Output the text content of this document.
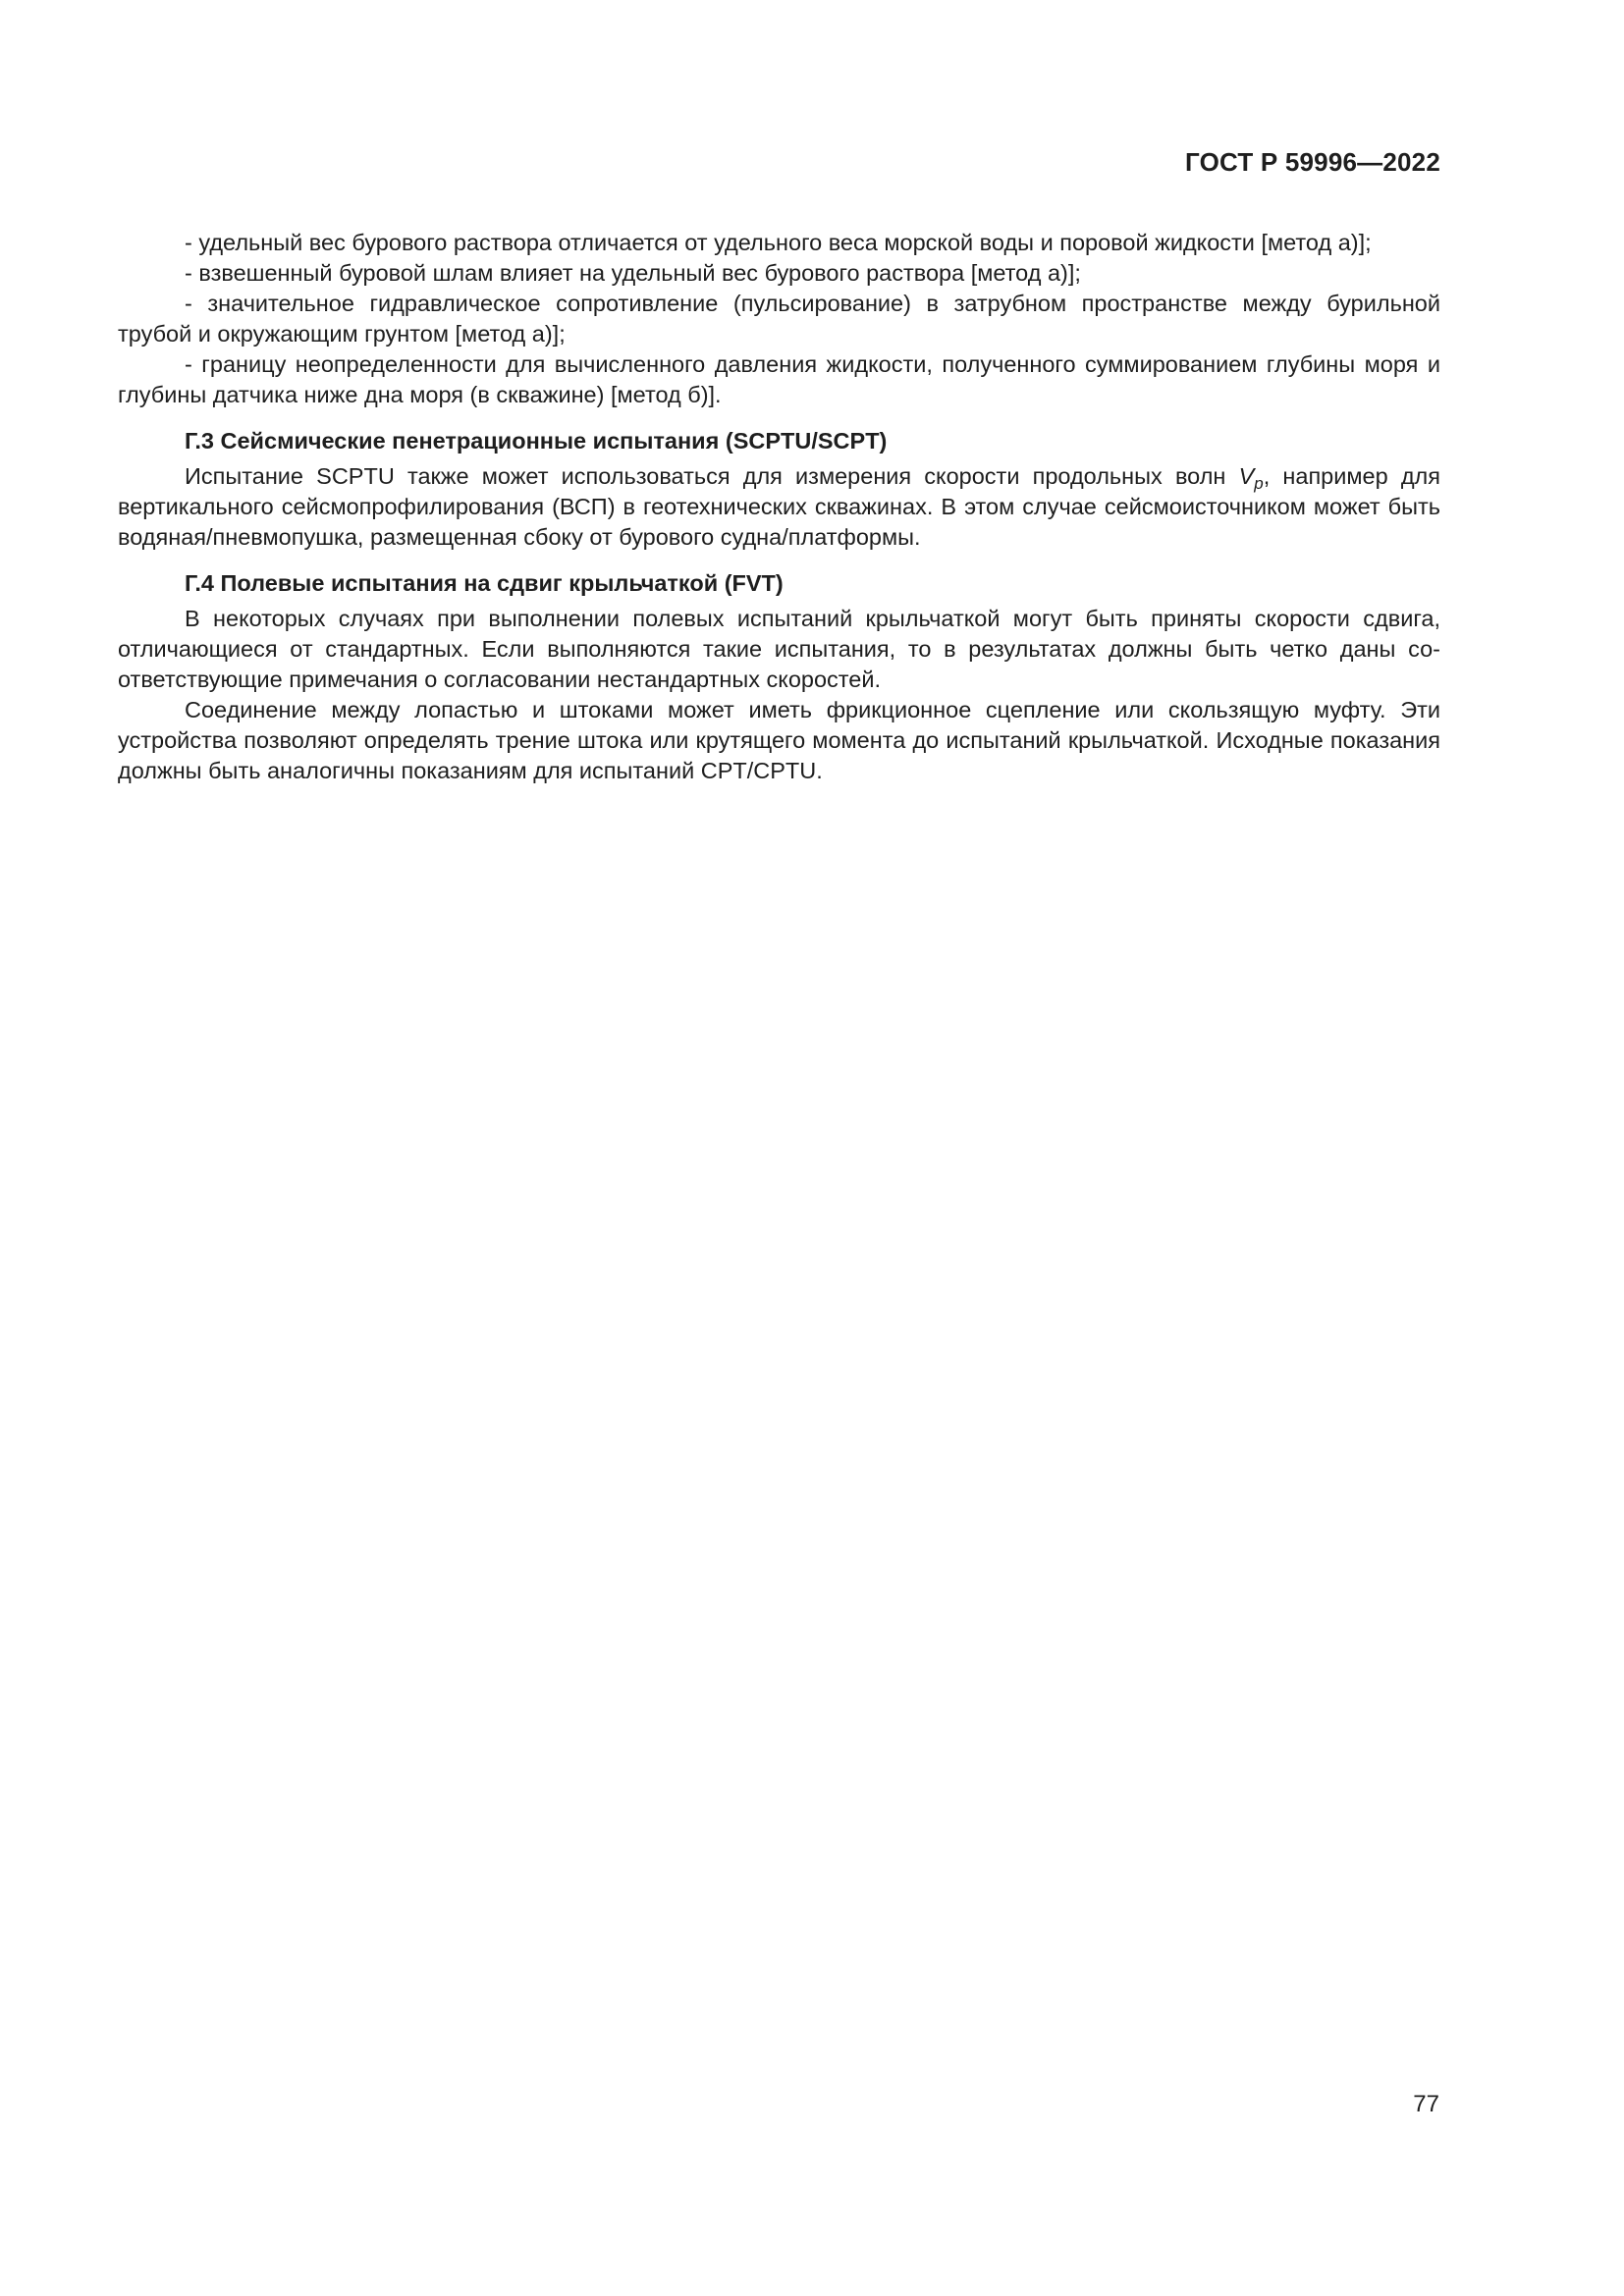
ГОСТ Р 59996—2022

- удельный вес бурового раствора отличается от удельного веса морской воды и поровой жидкости [метод а)];

- взвешенный буровой шлам влияет на удельный вес бурового раствора [метод а)];

- значительное гидравлическое сопротивление (пульсирование) в затрубном пространстве между бурильной трубой и окружающим грунтом [метод а)];

- границу неопределенности для вычисленного давления жидкости, полученного суммированием глубины моря и глубины датчика ниже дна моря (в скважине) [метод б)].

Г.3 Сейсмические пенетрационные испытания (SCPTU/SCPT)

Испытание SCPTU также может использоваться для измерения скорости продольных волн $V_p$, например для вертикального сейсмопрофилирования (ВСП) в геотехнических скважинах. В этом случае сейсмоисточником может быть водяная/пневмопушка, размещенная сбоку от бурового судна/платформы.

Г.4 Полевые испытания на сдвиг крыльчаткой (FVT)

В некоторых случаях при выполнении полевых испытаний крыльчаткой могут быть приняты скорости сдвига, отличающиеся от стандартных. Если выполняются такие испытания, то в результатах должны быть четко даны соответствующие примечания о согласовании нестандартных скоростей.

Соединение между лопастью и штоками может иметь фрикционное сцепление или скользящую муфту. Эти устройства позволяют определять трение штока или крутящего момента до испытаний крыльчаткой. Исходные показания должны быть аналогичны показаниям для испытаний CPT/CPTU.

77
